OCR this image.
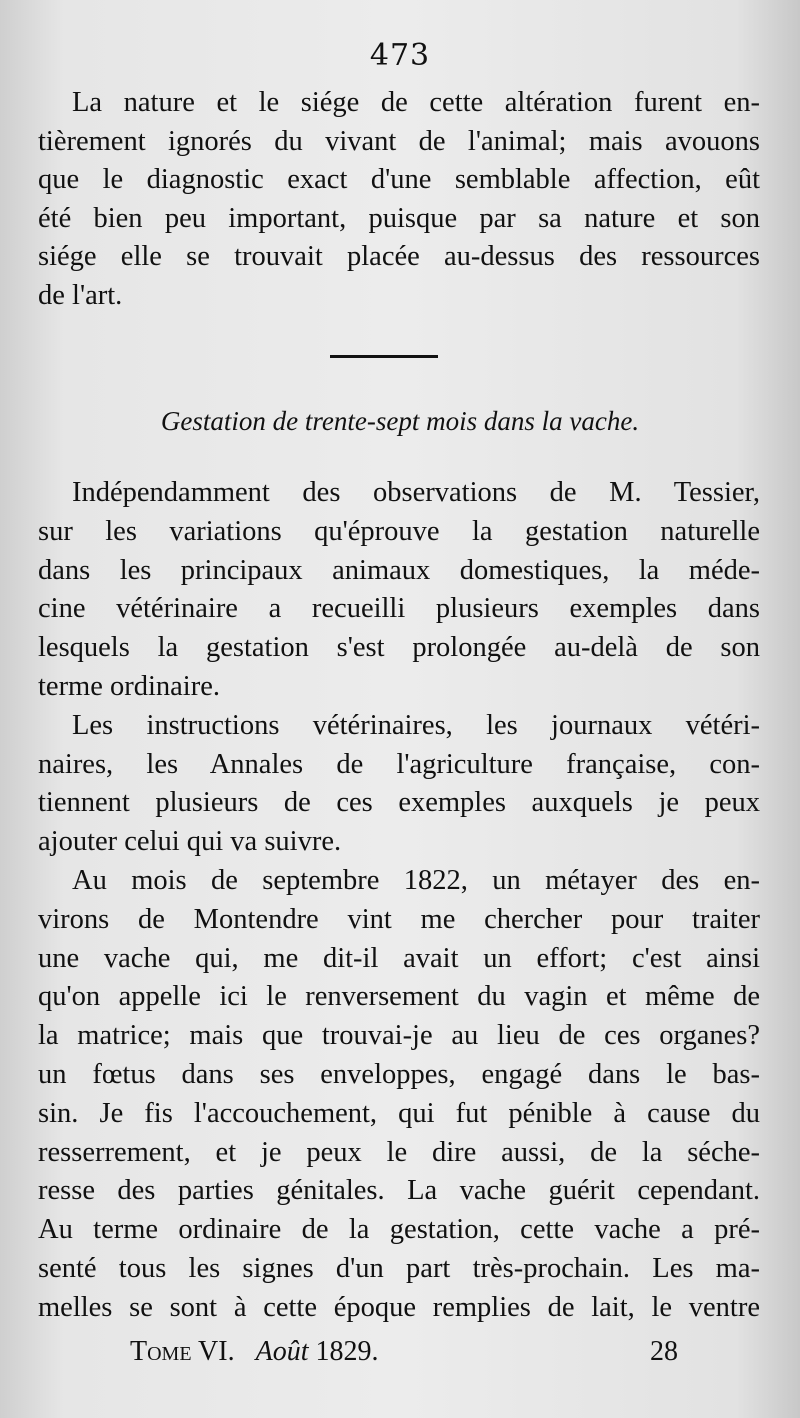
473
La nature et le siége de cette altération furent en-
tièrement ignorés du vivant de l'animal; mais avouons
que le diagnostic exact d'une semblable affection, eût
été bien peu important, puisque par sa nature et son
siége elle se trouvait placée au-dessus des ressources
de l'art.
Gestation de trente-sept mois dans la vache.
Indépendamment des observations de M. Tessier,
sur les variations qu'éprouve la gestation naturelle
dans les principaux animaux domestiques, la méde-
cine vétérinaire a recueilli plusieurs exemples dans
lesquels la gestation s'est prolongée au-delà de son
terme ordinaire.
Les instructions vétérinaires, les journaux vétéri-
naires, les Annales de l'agriculture française, con-
tiennent plusieurs de ces exemples auxquels je peux
ajouter celui qui va suivre.
Au mois de septembre 1822, un métayer des en-
virons de Montendre vint me chercher pour traiter
une vache qui, me dit-il avait un effort; c'est ainsi
qu'on appelle ici le renversement du vagin et même de
la matrice; mais que trouvai-je au lieu de ces organes?
un fœtus dans ses enveloppes, engagé dans le bas-
sin. Je fis l'accouchement, qui fut pénible à cause du
resserrement, et je peux le dire aussi, de la séche-
resse des parties génitales. La vache guérit cependant.
Au terme ordinaire de la gestation, cette vache a pré-
senté tous les signes d'un part très-prochain. Les ma-
melles se sont à cette époque remplies de lait, le ventre
Tome VI. Août 1829.	28
